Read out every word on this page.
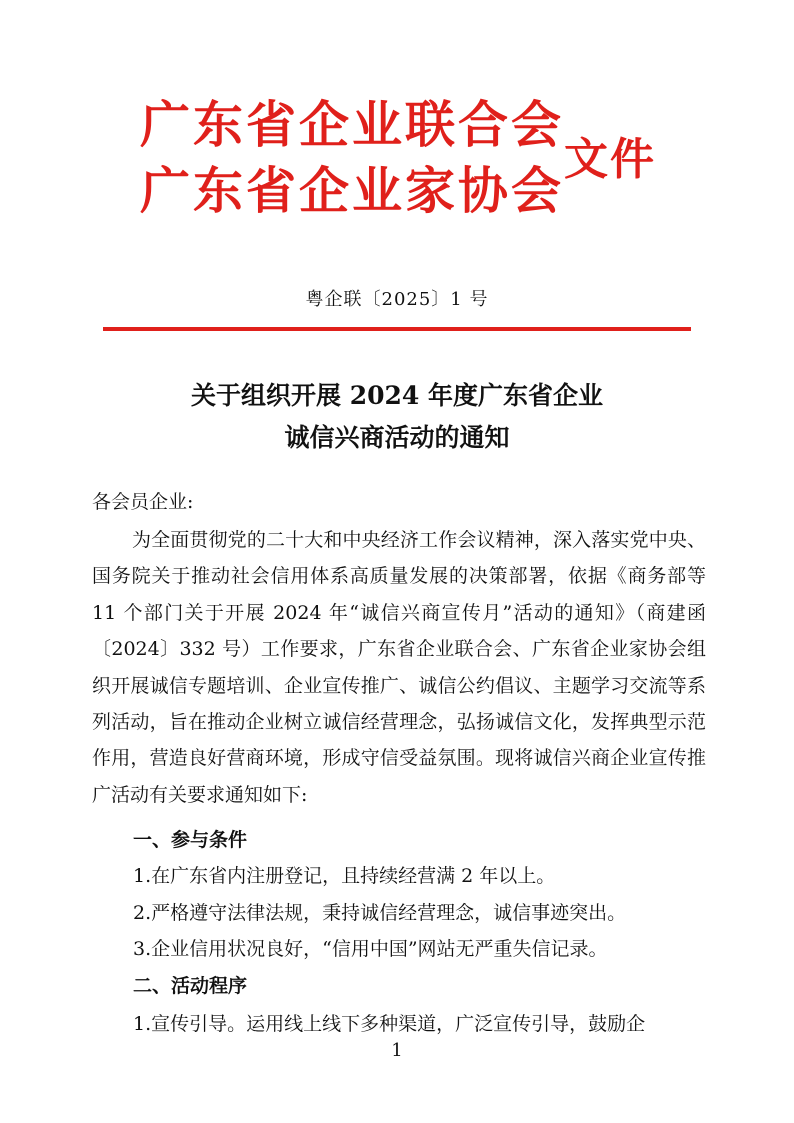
广东省企业联合会
广东省企业家协会
文件
粤企联〔2025〕1 号
关于组织开展 2024 年度广东省企业
诚信兴商活动的通知
各会员企业:
为全面贯彻党的二十大和中央经济工作会议精神，深入落实党中央、国务院关于推动社会信用体系高质量发展的决策部署，依据《商务部等 11 个部门关于开展 2024 年“诚信兴商宣传月”活动的通知》（商建函〔2024〕332 号）工作要求，广东省企业联合会、广东省企业家协会组织开展诚信专题培训、企业宣传推广、诚信公约倡议、主题学习交流等系列活动，旨在推动企业树立诚信经营理念，弘扬诚信文化，发挥典型示范作用，营造良好营商环境，形成守信受益氛围。现将诚信兴商企业宣传推广活动有关要求通知如下:
一、参与条件
1.在广东省内注册登记，且持续经营满 2 年以上。
2.严格遵守法律法规，秉持诚信经营理念，诚信事迹突出。
3.企业信用状况良好，“信用中国”网站无严重失信记录。
二、活动程序
1.宣传引导。运用线上线下多种渠道，广泛宣传引导，鼓励企
1
